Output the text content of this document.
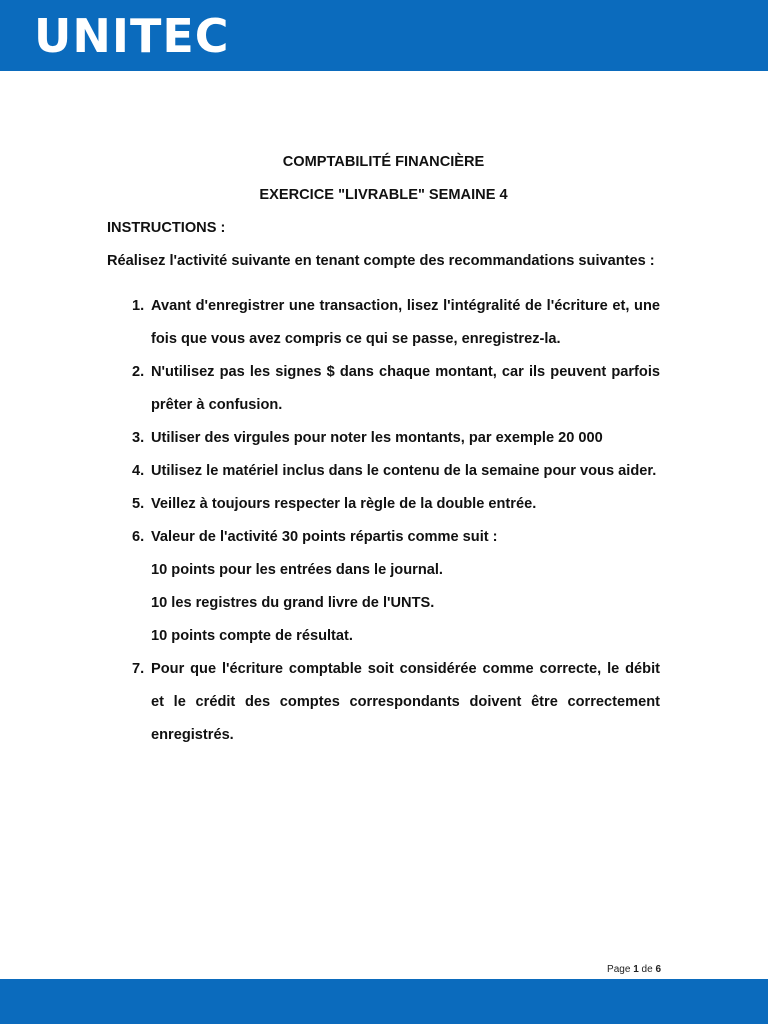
UNITEC

COMPTABILITÉ FINANCIÈRE

EXERCICE "LIVRABLE" SEMAINE 4

INSTRUCTIONS :

Réalisez l'activité suivante en tenant compte des recommandations suivantes :

1. Avant d'enregistrer une transaction, lisez l'intégralité de l'écriture et, une fois que vous avez compris ce qui se passe, enregistrez-la.
2. N'utilisez pas les signes $ dans chaque montant, car ils peuvent parfois prêter à confusion.
3. Utiliser des virgules pour noter les montants, par exemple 20 000
4. Utilisez le matériel inclus dans le contenu de la semaine pour vous aider.
5. Veillez à toujours respecter la règle de la double entrée.
6. Valeur de l'activité 30 points répartis comme suit :
10 points pour les entrées dans le journal.
10 les registres du grand livre de l'UNTS.
10 points compte de résultat.
7. Pour que l'écriture comptable soit considérée comme correcte, le débit et le crédit des comptes correspondants doivent être correctement enregistrés.
Page 1 de 6
